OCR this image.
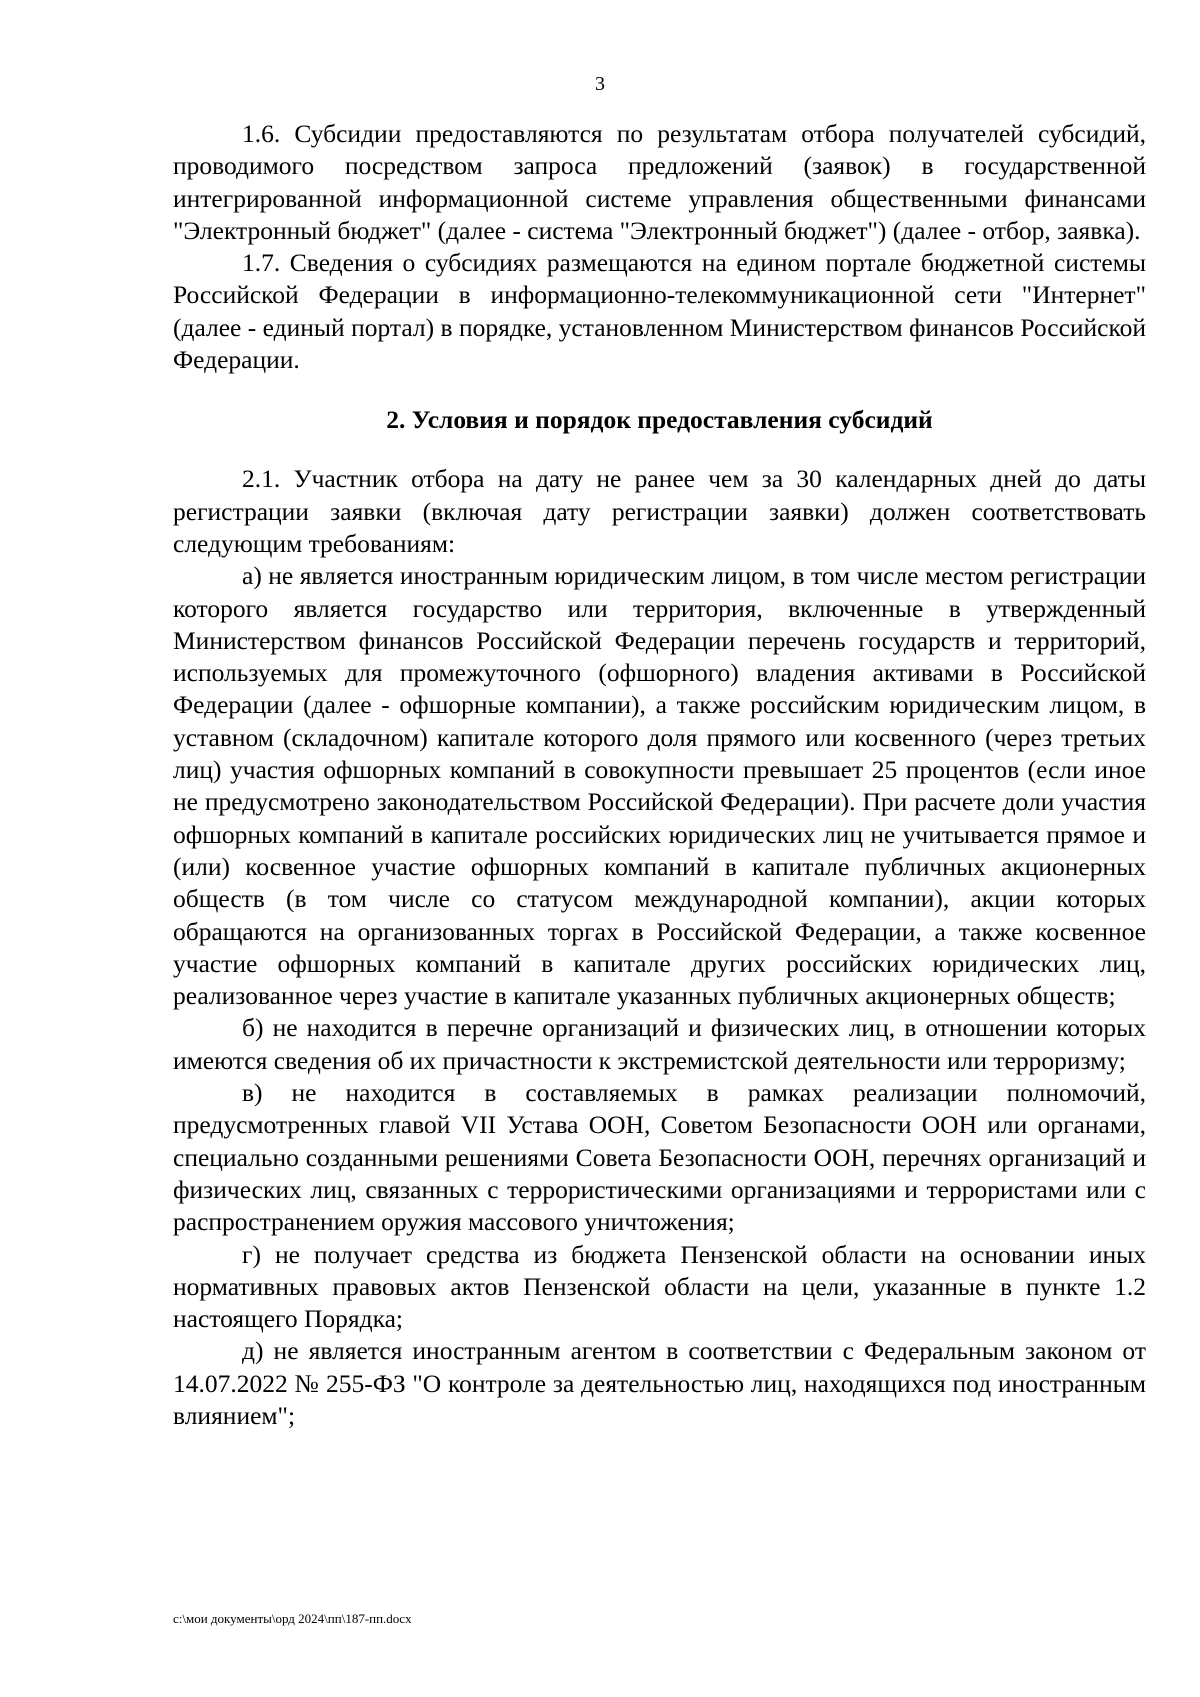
3

1.6. Субсидии предоставляются по результатам отбора получателей субсидий, проводимого посредством запроса предложений (заявок) в государственной интегрированной информационной системе управления общественными финансами "Электронный бюджет" (далее - система "Электронный бюджет") (далее - отбор, заявка).

1.7. Сведения о субсидиях размещаются на едином портале бюджетной системы Российской Федерации в информационно-телекоммуникационной сети "Интернет" (далее - единый портал) в порядке, установленном Министерством финансов Российской Федерации.

2. Условия и порядок предоставления субсидий

2.1. Участник отбора на дату не ранее чем за 30 календарных дней до даты регистрации заявки (включая дату регистрации заявки) должен соответствовать следующим требованиям:

а) не является иностранным юридическим лицом, в том числе местом регистрации которого является государство или территория, включенные в утвержденный Министерством финансов Российской Федерации перечень государств и территорий, используемых для промежуточного (офшорного) владения активами в Российской Федерации (далее - офшорные компании), а также российским юридическим лицом, в уставном (складочном) капитале которого доля прямого или косвенного (через третьих лиц) участия офшорных компаний в совокупности превышает 25 процентов (если иное не предусмотрено законодательством Российской Федерации). При расчете доли участия офшорных компаний в капитале российских юридических лиц не учитывается прямое и (или) косвенное участие офшорных компаний в капитале публичных акционерных обществ (в том числе со статусом международной компании), акции которых обращаются на организованных торгах в Российской Федерации, а также косвенное участие офшорных компаний в капитале других российских юридических лиц, реализованное через участие в капитале указанных публичных акционерных обществ;

б) не находится в перечне организаций и физических лиц, в отношении которых имеются сведения об их причастности к экстремистской деятельности или терроризму;

в) не находится в составляемых в рамках реализации полномочий, предусмотренных главой VII Устава ООН, Советом Безопасности ООН или органами, специально созданными решениями Совета Безопасности ООН, перечнях организаций и физических лиц, связанных с террористическими организациями и террористами или с распространением оружия массового уничтожения;

г) не получает средства из бюджета Пензенской области на основании иных нормативных правовых актов Пензенской области на цели, указанные в пункте 1.2 настоящего Порядка;

д) не является иностранным агентом в соответствии с Федеральным законом от 14.07.2022 № 255-ФЗ "О контроле за деятельностью лиц, находящихся под иностранным влиянием";

c:\мои документы\орд 2024\пп\187-пп.docx
